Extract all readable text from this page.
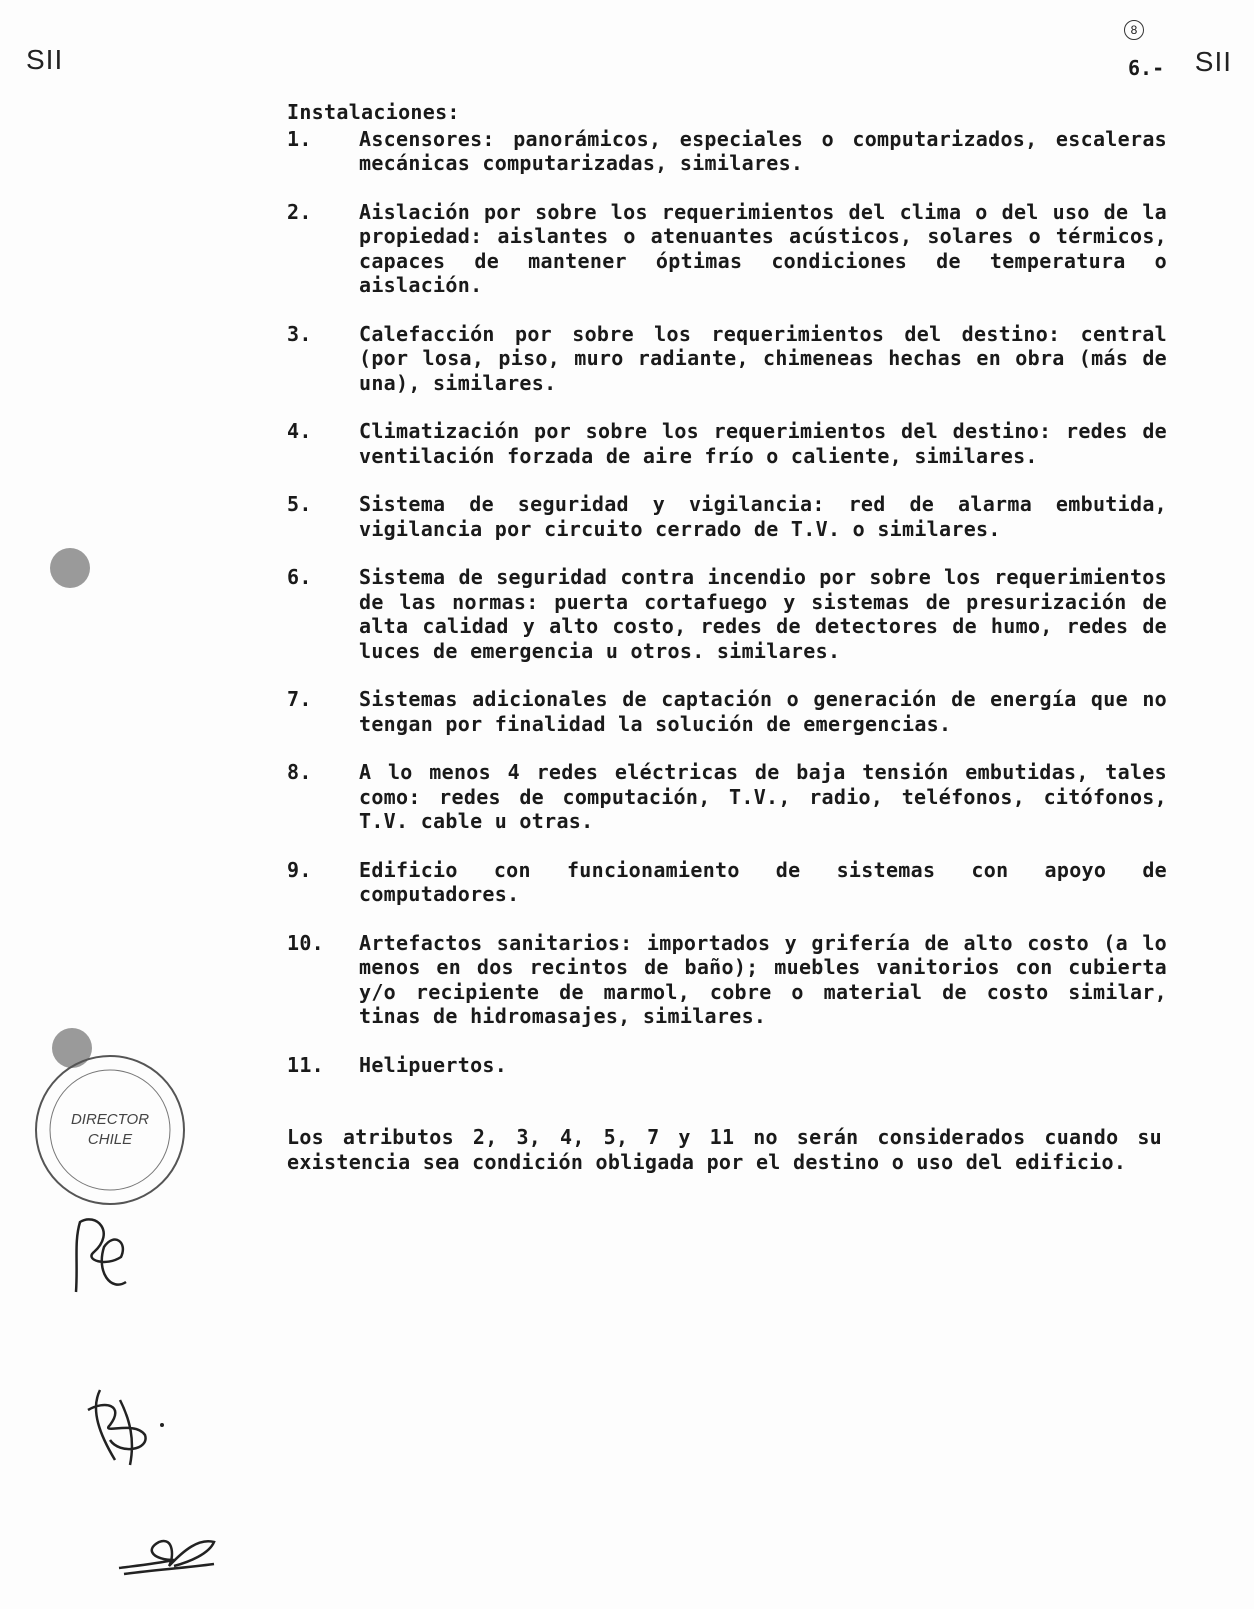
SII	SII
8
6.-
Instalaciones:
1.	Ascensores: panorámicos, especiales o computarizados, escaleras mecánicas computarizadas, similares.
2.	Aislación por sobre los requerimientos del clima o del uso de la propiedad: aislantes o atenuantes acústicos, solares o térmicos, capaces de mantener óptimas condiciones de temperatura o aislación.
3.	Calefacción por sobre los requerimientos del destino: central (por losa, piso, muro radiante, chimeneas hechas en obra (más de una), similares.
4.	Climatización por sobre los requerimientos del destino: redes de ventilación forzada de aire frío o caliente, similares.
5.	Sistema de seguridad y vigilancia: red de alarma embutida, vigilancia por circuito cerrado de T.V. o similares.
6.	Sistema de seguridad contra incendio por sobre los requerimientos de las normas: puerta cortafuego y sistemas de presurización de alta calidad y alto costo, redes de detectores de humo, redes de luces de emergencia u otros. similares.
7.	Sistemas adicionales de captación o generación de energía que no tengan por finalidad la solución de emergencias.
8.	A lo menos 4 redes eléctricas de baja tensión embutidas, tales como: redes de computación, T.V., radio, teléfonos, citófonos, T.V. cable u otras.
9.	Edificio con funcionamiento de sistemas con apoyo de computadores.
10.	Artefactos sanitarios: importados y grifería de alto costo (a lo menos en dos recintos de baño); muebles vanitorios con cubierta y/o recipiente de marmol, cobre o material de costo similar, tinas de hidromasajes, similares.
11.	Helipuertos.
Los atributos 2, 3, 4, 5, 7 y 11 no serán considerados cuando su existencia sea condición obligada por el destino o uso del edificio.
DIRECTOR
CHILE
